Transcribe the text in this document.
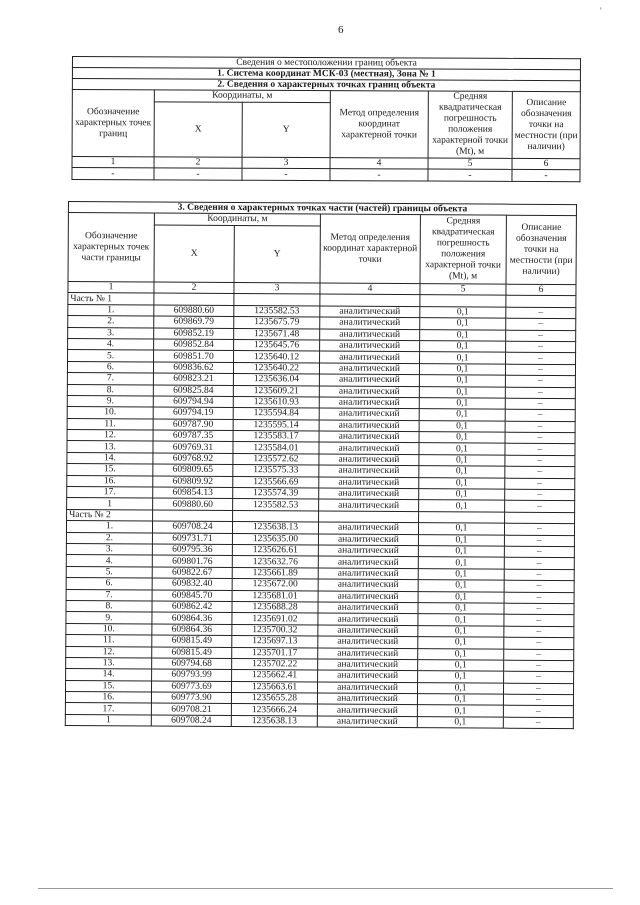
6
'
Сведения о местоположении границ объекта					
1. Система координат МСК-03 (местная), Зона № 1					
2. Сведения о характерных точках границ объекта					
Обозначение характерных точек границ	Координаты, м		Метод определения координат характерной точки	Средняя квадратическая погрешность положения характерной точки (Mt), м	Описание обозначения точки на местности (при наличии)
	X	Y			
1	2	3	4	5	6
-	-	-	-	-	-
3. Сведения о характерных точках части (частей) границы объекта					
Обозначение характерных точек части границы	Координаты, м		Метод определения координат характерной точки	Средняя квадратическая погрешность положения характерной точки (Mt), м	Описание обозначения точки на местности (при наличии)
	X	Y			
1	2	3	4	5	6
Часть № 1					
1.	609880.60	1235582.53	аналитический	0,1	–
2.	609869.79	1235675.79	аналитический	0,1	–
3.	609852.19	1235671.48	аналитический	0,1	–
4.	609852.84	1235645.76	аналитический	0,1	–
5.	609851.70	1235640.12	аналитический	0,1	–
6.	609836.62	1235640.22	аналитический	0,1	–
7.	609823.21	1235636.04	аналитический	0,1	–
8.	609825.84	1235609.21	аналитический	0,1	–
9.	609794.94	1235610.93	аналитический	0,1	–
10.	609794.19	1235594.84	аналитический	0,1	–
11.	609787.90	1235595.14	аналитический	0,1	–
12.	609787.35	1235583.17	аналитический	0,1	–
13.	609769.31	1235584.01	аналитический	0,1	–
14.	609768.92	1235572.62	аналитический	0,1	–
15.	609809.65	1235575.33	аналитический	0,1	–
16.	609809.92	1235566.69	аналитический	0,1	–
17.	609854.13	1235574.39	аналитический	0,1	–
1	609880.60	1235582.53	аналитический	0,1	–
Часть № 2					
1.	609708.24	1235638.13	аналитический	0,1	–
2.	609731.71	1235635.00	аналитический	0,1	–
3.	609795.36	1235626.61	аналитический	0,1	–
4.	609801.76	1235632.76	аналитический	0,1	–
5.	609822.67	1235661.89	аналитический	0,1	–
6.	609832.40	1235672.00	аналитический	0,1	–
7.	609845.70	1235681.01	аналитический	0,1	–
8.	609862.42	1235688.28	аналитический	0,1	–
9.	609864.36	1235691.02	аналитический	0,1	–
10.	609864.36	1235700.32	аналитический	0,1	–
11.	609815.49	1235697.13	аналитический	0,1	–
12.	609815.49	1235701.17	аналитический	0,1	–
13.	609794.68	1235702.22	аналитический	0,1	–
14.	609793.99	1235662.41	аналитический	0,1	–
15.	609773.69	1235663.61	аналитический	0,1	–
16.	609773.90	1235655.28	аналитический	0,1	–
17.	609708.21	1235666.24	аналитический	0,1	–
1	609708.24	1235638.13	аналитический	0,1	–
